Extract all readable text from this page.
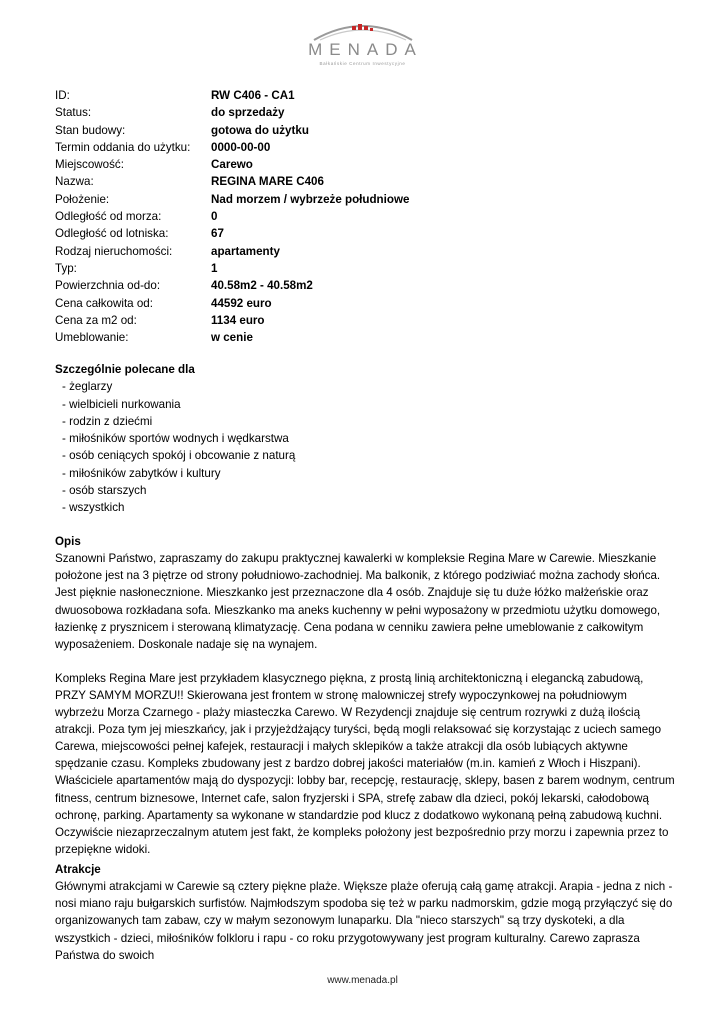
MENADA
Bałkańskie Centrum Inwestycyjne
ID:	RW C406 - CA1
Status:	do sprzedaży
Stan budowy:	gotowa do użytku
Termin oddania do użytku: 0000-00-00
Miejscowość:	Carewo
Nazwa:	REGINA MARE C406
Położenie:	Nad morzem / wybrzeże południowe
Odległość od morza:	0
Odległość od lotniska:	67
Rodzaj nieruchomości:	apartamenty
Typ:	1
Powierzchnia od-do:	40.58m2 - 40.58m2
Cena całkowita od:	44592 euro
Cena za m2 od:	1134 euro
Umeblowanie:	w cenie
Szczególnie polecane dla
- żeglarzy
- wielbicieli nurkowania
- rodzin z dziećmi
- miłośników sportów wodnych i wędkarstwa
- osób ceniących spokój i obcowanie z naturą
- miłośników zabytków i kultury
- osób starszych
- wszystkich
Opis

Szanowni Państwo, zapraszamy do zakupu praktycznej kawalerki w kompleksie Regina Mare w Carewie. Mieszkanie położone jest na 3 piętrze od strony południowo-zachodniej. Ma balkonik, z którego podziwiać można zachody słońca. Jest pięknie nasłonecznione. Mieszkanko jest przeznaczone dla 4 osób. Znajduje się tu duże łóżko małżeńskie oraz dwuosobowa rozkładana sofa. Mieszkanko ma aneks kuchenny w pełni wyposażony w przedmiotu użytku domowego, łazienkę z prysznicem i sterowaną klimatyzację. Cena podana w cenniku zawiera pełne umeblowanie z całkowitym wyposażeniem. Doskonale nadaje się na wynajem.

Kompleks Regina Mare jest przykładem klasycznego piękna, z prostą linią architektoniczną i elegancką zabudową, PRZY SAMYM MORZU!! Skierowana jest frontem w stronę malowniczej strefy wypoczynkowej na południowym wybrzeżu Morza Czarnego - plaży miasteczka Carewo. W Rezydencji znajduje się centrum rozrywki z dużą ilością atrakcji. Poza tym jej mieszkańcy, jak i przyjeżdżający turyści, będą mogli relaksować się korzystając z uciech samego Carewa, miejscowości pełnej kafejek, restauracji i małych sklepików a także atrakcji dla osób lubiących aktywne spędzanie czasu. Kompleks zbudowany jest z bardzo dobrej jakości materiałów (m.in. kamień z Włoch i Hiszpani). Właściciele apartamentów mają do dyspozycji: lobby bar, recepcję, restaurację, sklepy, basen z barem wodnym, centrum fitness, centrum biznesowe, Internet cafe, salon fryzjerski i SPA, strefę zabaw dla dzieci, pokój lekarski, całodobową ochronę, parking. Apartamenty sa wykonane w standardzie pod klucz z dodatkowo wykonaną pełną zabudową kuchni. Oczywiście niezaprzeczalnym atutem jest fakt, że kompleks położony jest bezpośrednio przy morzu i zapewnia przez to przepiękne widoki.

Atrakcje

Głównymi atrakcjami w Carewie są cztery piękne plaże. Większe plaże oferują całą gamę atrakcji. Arapia - jedna z nich - nosi miano raju bułgarskich surfistów. Najmłodszym spodoba się też w parku nadmorskim, gdzie mogą przyłączyć się do organizowanych tam zabaw, czy w małym sezonowym lunaparku. Dla "nieco starszych" są trzy dyskoteki, a dla wszystkich - dzieci, miłośników folkloru i rapu - co roku przygotowywany jest program kulturalny. Carewo zaprasza Państwa do swoich

www.menada.pl
